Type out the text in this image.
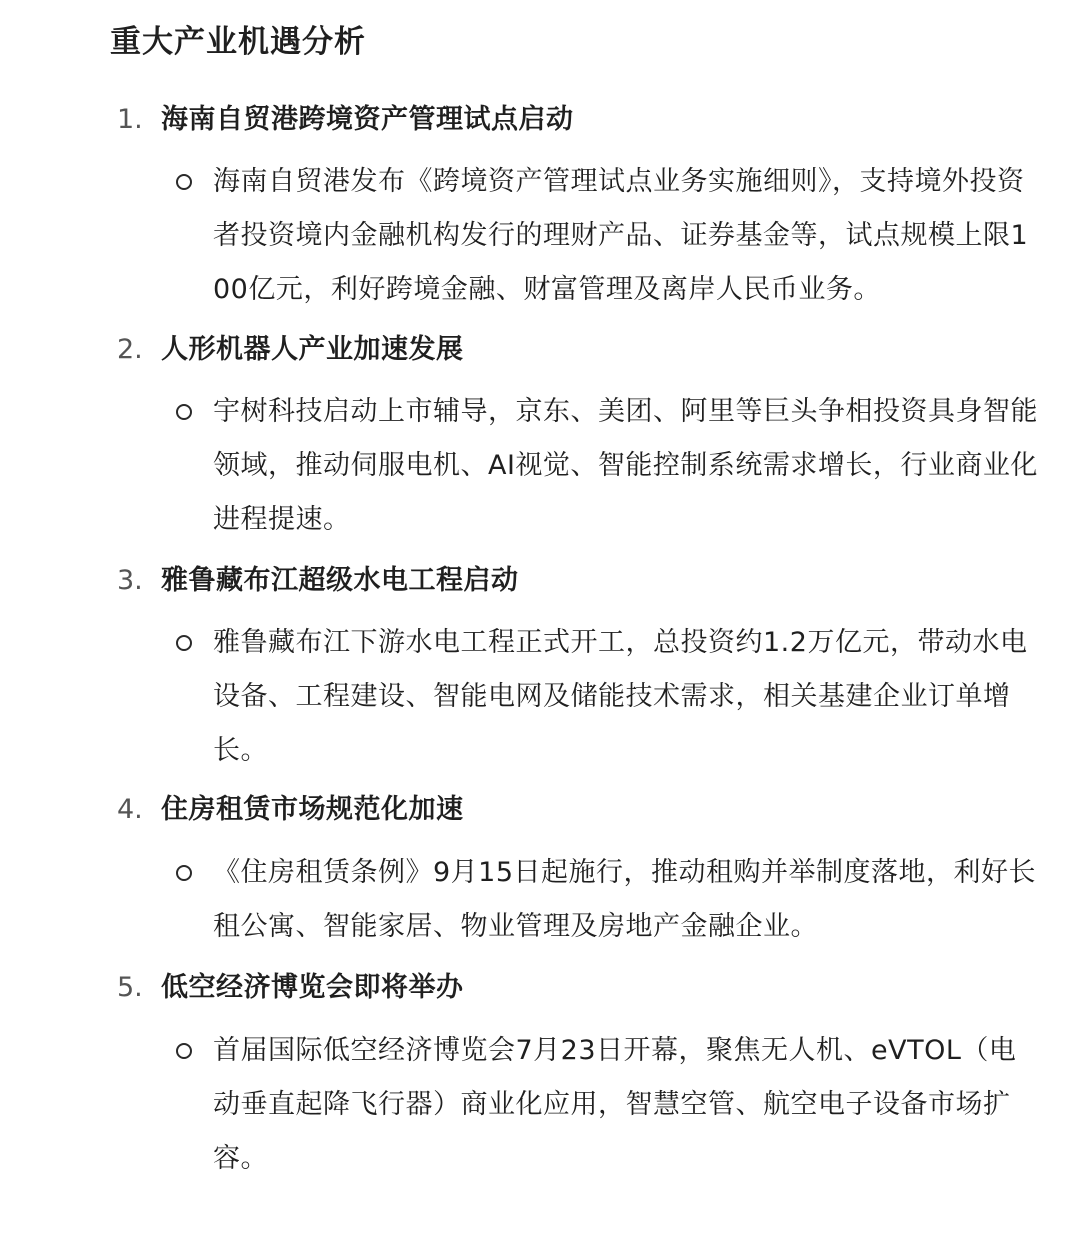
重大产业机遇分析
1. 海南自贸港跨境资产管理试点启动
海南自贸港发布《跨境资产管理试点业务实施细则》，支持境外投资者投资境内金融机构发行的理财产品、证券基金等，试点规模上限100亿元，利好跨境金融、财富管理及离岸人民币业务。
2. 人形机器人产业加速发展
宇树科技启动上市辅导，京东、美团、阿里等巨头争相投资具身智能领域，推动伺服电机、AI视觉、智能控制系统需求增长，行业商业化进程提速。
3. 雅鲁藏布江超级水电工程启动
雅鲁藏布江下游水电工程正式开工，总投资约1.2万亿元，带动水电设备、工程建设、智能电网及储能技术需求，相关基建企业订单增长。
4. 住房租赁市场规范化加速
《住房租赁条例》9月15日起施行，推动租购并举制度落地，利好长租公寓、智能家居、物业管理及房地产金融企业。
5. 低空经济博览会即将举办
首届国际低空经济博览会7月23日开幕，聚焦无人机、eVTOL（电动垂直起降飞行器）商业化应用，智慧空管、航空电子设备市场扩容。
